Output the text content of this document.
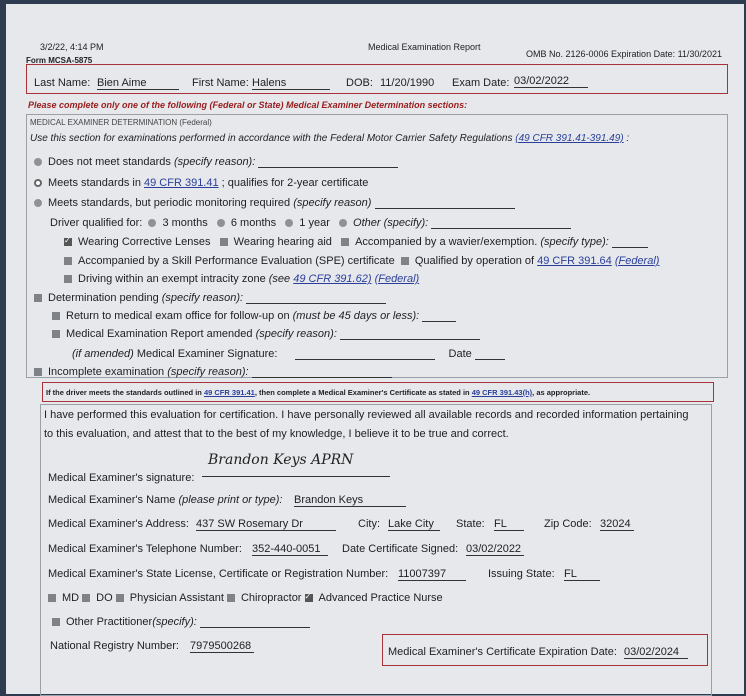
3/2/22, 4:14 PM	Medical Examination Report
Form MCSA-5875
OMB No. 2126-0006 Expiration Date: 11/30/2021
Last Name: Bien Aime	First Name: Halens	DOB: 11/20/1990 Exam Date: 03/02/2022
Please complete only one of the following (Federal or State) Medical Examiner Determination sections:
MEDICAL EXAMINER DETERMINATION (Federal)
Use this section for examinations performed in accordance with the Federal Motor Carrier Safety Regulations (49 CFR 391.41-391.49) :
Does not meet standards (specify reason):
Meets standards in 49 CFR 391.41 ; qualifies for 2-year certificate
Meets standards, but periodic monitoring required (specify reason)
Driver qualified for: 3 months 6 months 1 year Other (specify):
✓Wearing Corrective Lenses Wearing hearing aid Accompanied by a wavier/exemption. (specify type):
Accompanied by a Skill Performance Evaluation (SPE) certificate Qualified by operation of 49 CFR 391.64 (Federal)
Driving within an exempt intracity zone (see 49 CFR 391.62) (Federal)
Determination pending (specify reason):
Return to medical exam office for follow-up on (must be 45 days or less):
Medical Examination Report amended (specify reason):
(if amended) Medical Examiner Signature:	Date
Incomplete examination (specify reason):
If the driver meets the standards outlined in 49 CFR 391.41, then complete a Medical Examiner's Certificate as stated in 49 CFR 391.43(h), as appropriate.
I have performed this evaluation for certification. I have personally reviewed all available records and recorded information pertaining
to this evaluation, and attest that to the best of my knowledge, I believe it to be true and correct.
Medical Examiner's signature:
Brandon Keys APRN
Medical Examiner's Name (please print or type): Brandon Keys
Medical Examiner's Address: 437 SW Rosemary Dr	City: Lake City	State: FL	Zip Code: 32024
Medical Examiner's Telephone Number: 352-440-0051	Date Certificate Signed: 03/02/2022
Medical Examiner's State License, Certificate or Registration Number: 11007397	Issuing State: FL
MD DO Physician Assistant Chiropractor ✓ Advanced Practice Nurse
Other Practitioner(specify):
National Registry Number: 7979500268	Medical Examiner's Certificate Expiration Date: 03/02/2024
